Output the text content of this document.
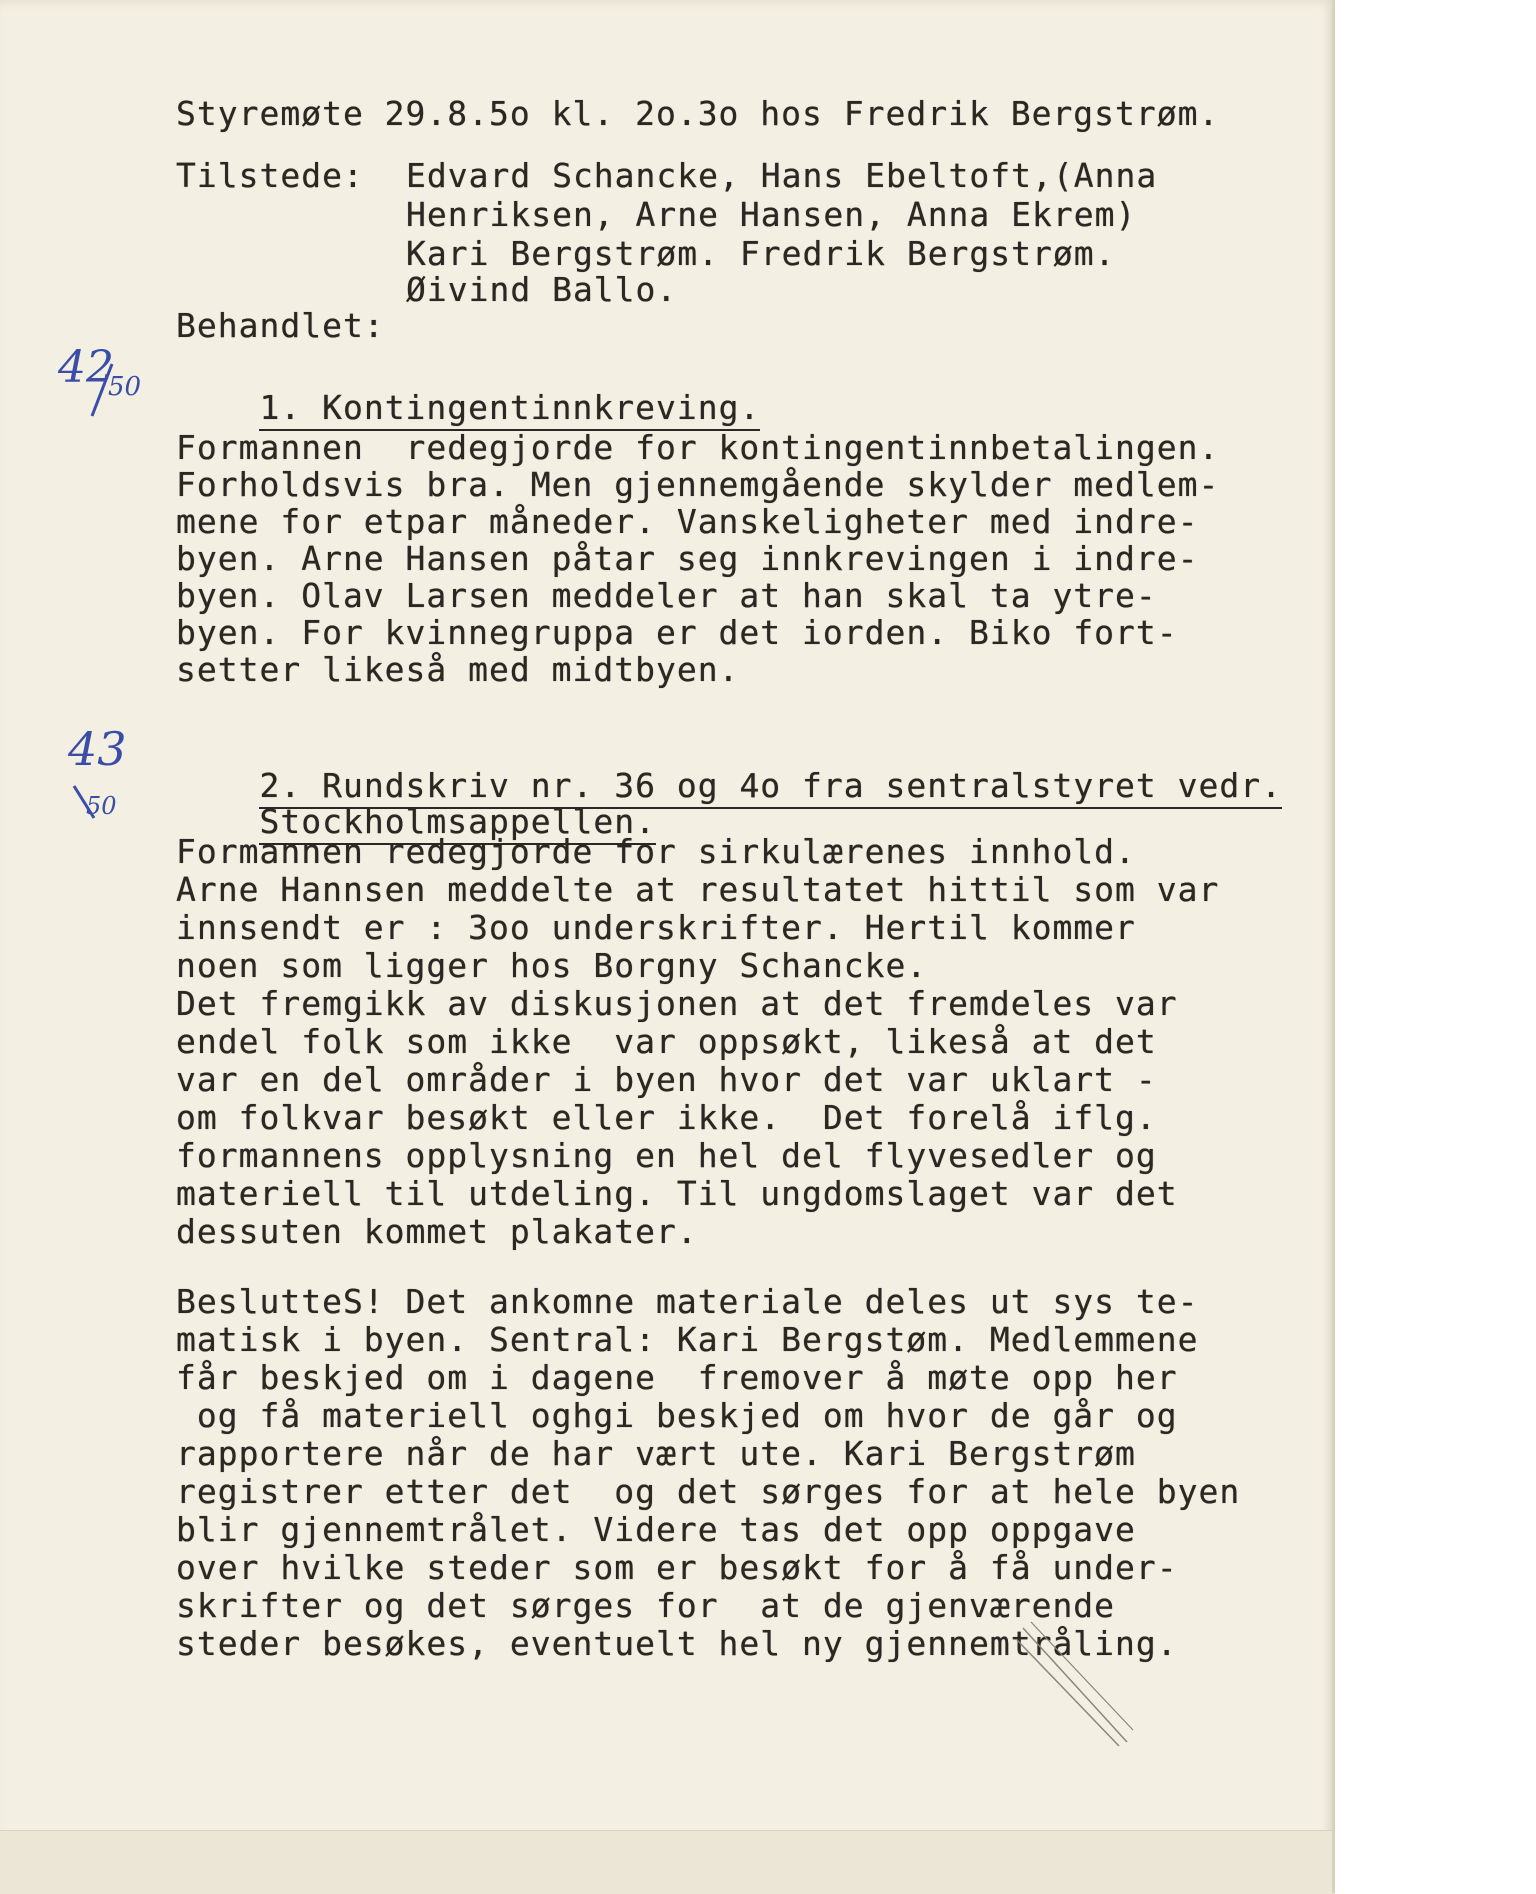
Styremøte 29.8.5o kl. 2o.3o hos Fredrik Bergstrøm.
Tilstede: Edvard Schancke, Hans Ebeltoft,(Anna
Henriksen, Arne Hansen, Anna Ekrem)
Kari Bergstrøm. Fredrik Bergstrøm.
Øivind Ballo.
Behandlet:
42
50

1. Kontingentinnkreving.

Formannen  redegjorde for kontingentinnbetalingen.
Forholdsvis bra. Men gjennemgående skylder medlem-
mene for etpar måneder. Vanskeligheter med indre-
byen. Arne Hansen påtar seg innkrevingen i indre-
byen. Olav Larsen meddeler at han skal ta ytre-
byen. For kvinnegruppa er det iorden. Biko fort-
setter likeså med midtbyen.
43
50

2. Rundskriv nr. 36 og 4o fra sentralstyret vedr.

Stockholmsappellen.

Formannen redegjorde for sirkulærenes innhold.
Arne Hannsen meddelte at resultatet hittil som var
innsendt er : 3oo underskrifter. Hertil kommer
noen som ligger hos Borgny Schancke.
Det fremgikk av diskusjonen at det fremdeles var
endel folk som ikke  var oppsøkt, likeså at det
var en del områder i byen hvor det var uklart -
om folkvar besøkt eller ikke.  Det forelå iflg.
formannens opplysning en hel del flyvesedler og
materiell til utdeling. Til ungdomslaget var det
dessuten kommet plakater.
BeslutteS! Det ankomne materiale deles ut sys te-
matisk i byen. Sentral: Kari Bergstøm. Medlemmene
får beskjed om i dagene  fremover å møte opp her
og få materiell oghgi beskjed om hvor de går og
rapportere når de har vært ute. Kari Bergstrøm
registrer etter det  og det sørges for at hele byen
blir gjennemtrålet. Videre tas det opp oppgave
over hvilke steder som er besøkt for å få under-
skrifter og det sørges for  at de gjenværende
steder besøkes, eventuelt hel ny gjennemtråling.
